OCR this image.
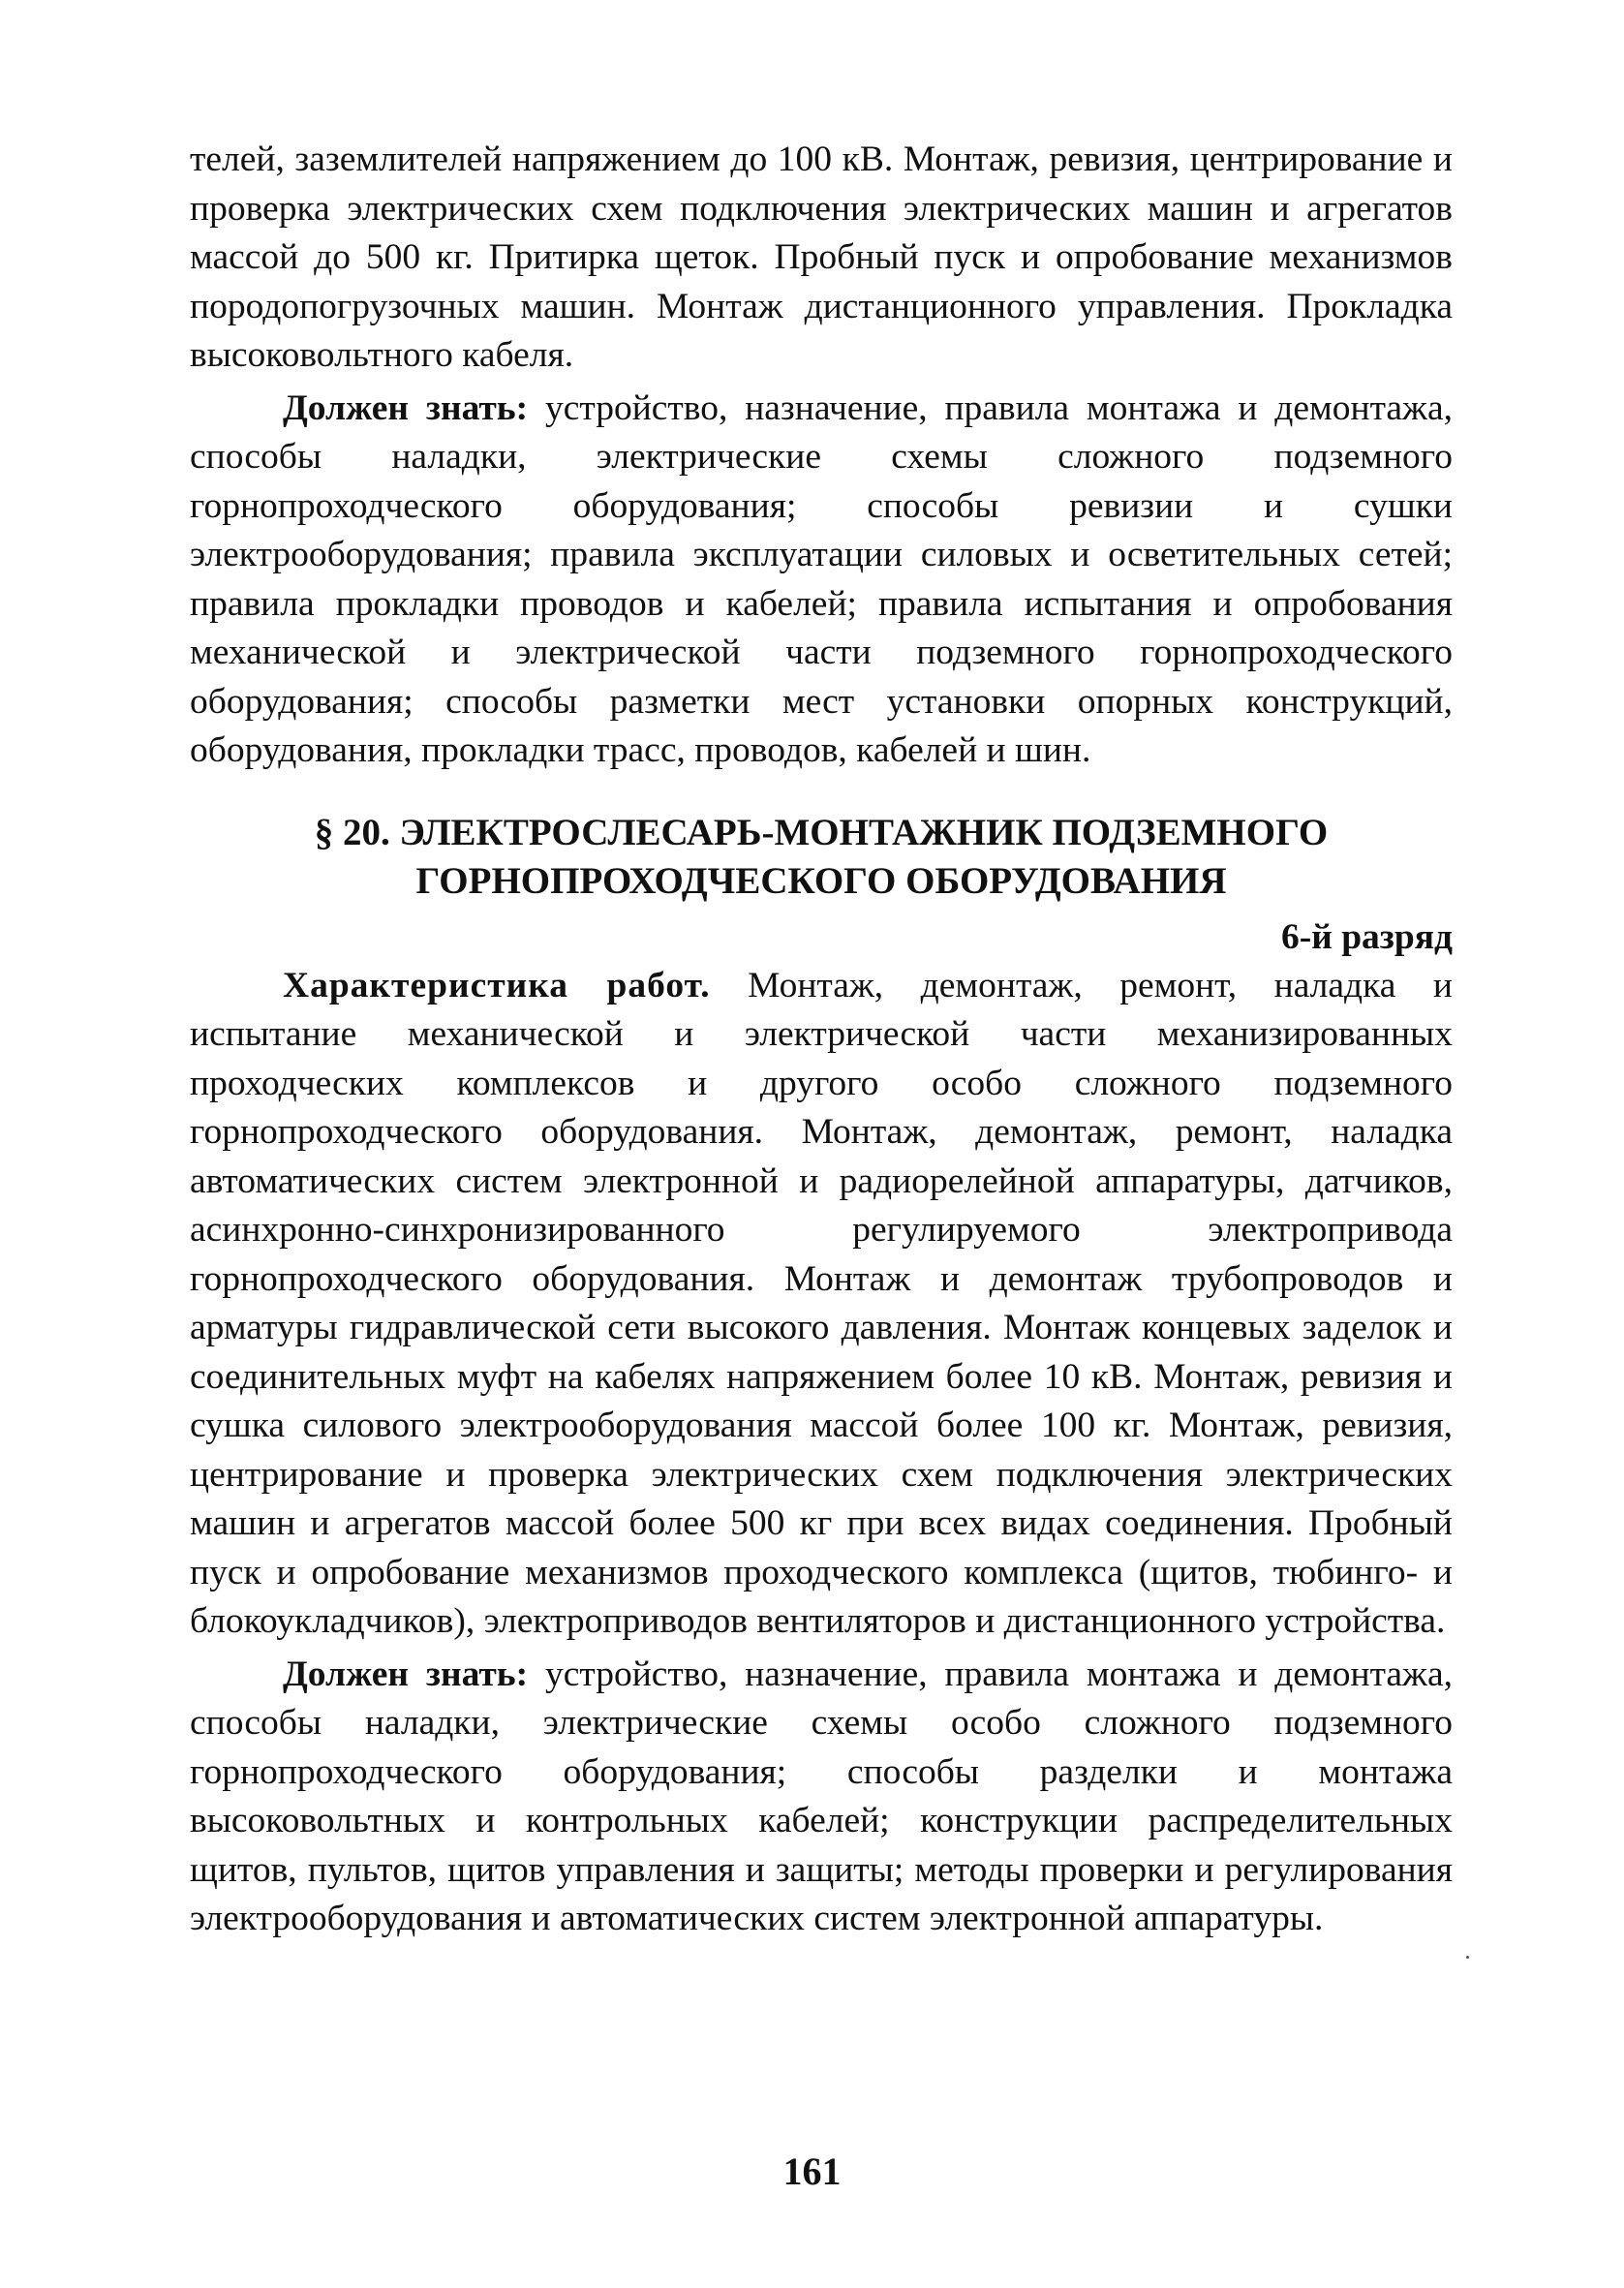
телей, заземлителей напряжением до 100 кВ. Монтаж, ревизия, центрирование и проверка электрических схем подключения электрических машин и агрегатов массой до 500 кг. Притирка щеток. Пробный пуск и опробование механизмов породопогрузочных машин. Монтаж дистанционного управления. Прокладка высоковольтного кабеля.

Должен знать: устройство, назначение, правила монтажа и демонтажа, способы наладки, электрические схемы сложного подземного горнопроходческого оборудования; способы ревизии и сушки электрооборудования; правила эксплуатации силовых и осветительных сетей; правила прокладки проводов и кабелей; правила испытания и опробования механической и электрической части подземного горнопроходческого оборудования; способы разметки мест установки опорных конструкций, оборудования, прокладки трасс, проводов, кабелей и шин.

§ 20. ЭЛЕКТРОСЛЕСАРЬ-МОНТАЖНИК ПОДЗЕМНОГО
ГОРНОПРОХОДЧЕСКОГО ОБОРУДОВАНИЯ

6-й разряд

Характеристика работ. Монтаж, демонтаж, ремонт, наладка и испытание механической и электрической части механизированных проходческих комплексов и другого особо сложного подземного горнопроходческого оборудования. Монтаж, демонтаж, ремонт, наладка автоматических систем электронной и радиорелейной аппаратуры, датчиков, асинхронно-синхронизированного регулируемого электропривода горнопроходческого оборудования. Монтаж и демонтаж трубопроводов и арматуры гидравлической сети высокого давления. Монтаж концевых заделок и соединительных муфт на кабелях напряжением более 10 кВ. Монтаж, ревизия и сушка силового электрооборудования массой более 100 кг. Монтаж, ревизия, центрирование и проверка электрических схем подключения электрических машин и агрегатов массой более 500 кг при всех видах соединения. Пробный пуск и опробование механизмов проходческого комплекса (щитов, тюбинго- и блокоукладчиков), электроприводов вентиляторов и дистанционного устройства.

Должен знать: устройство, назначение, правила монтажа и демонтажа, способы наладки, электрические схемы особо сложного подземного горнопроходческого оборудования; способы разделки и монтажа высоковольтных и контрольных кабелей; конструкции распределительных щитов, пультов, щитов управления и защиты; методы проверки и регулирования электрооборудования и автоматических систем электронной аппаратуры.

161
